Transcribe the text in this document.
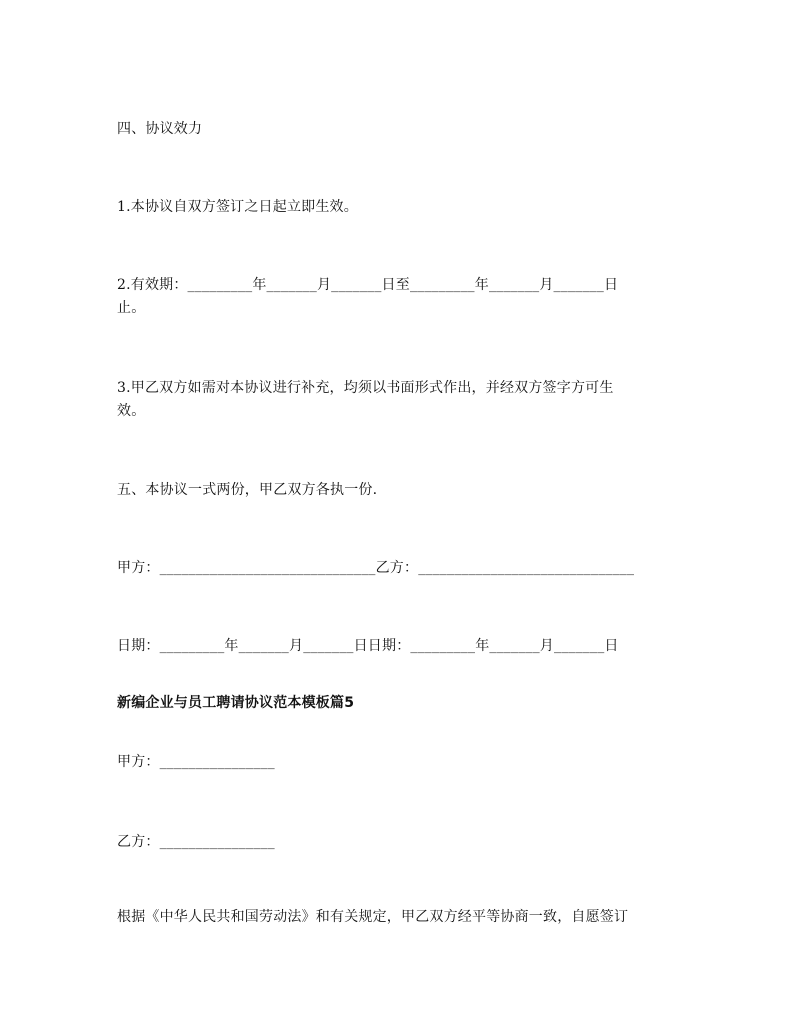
四、协议效力
1.本协议自双方签订之日起立即生效。
2.有效期：_________年_______月_______日至_________年_______月_______日
止。
3.甲乙双方如需对本协议进行补充，均须以书面形式作出，并经双方签字方可生
效。
五、本协议一式两份，甲乙双方各执一份.
甲方：______________________________乙方：______________________________
日期：_________年_______月_______日日期：_________年_______月_______日
新编企业与员工聘请协议范本模板篇5
甲方：________________
乙方：________________
根据《中华人民共和国劳动法》和有关规定，甲乙双方经平等协商一致，自愿签订
